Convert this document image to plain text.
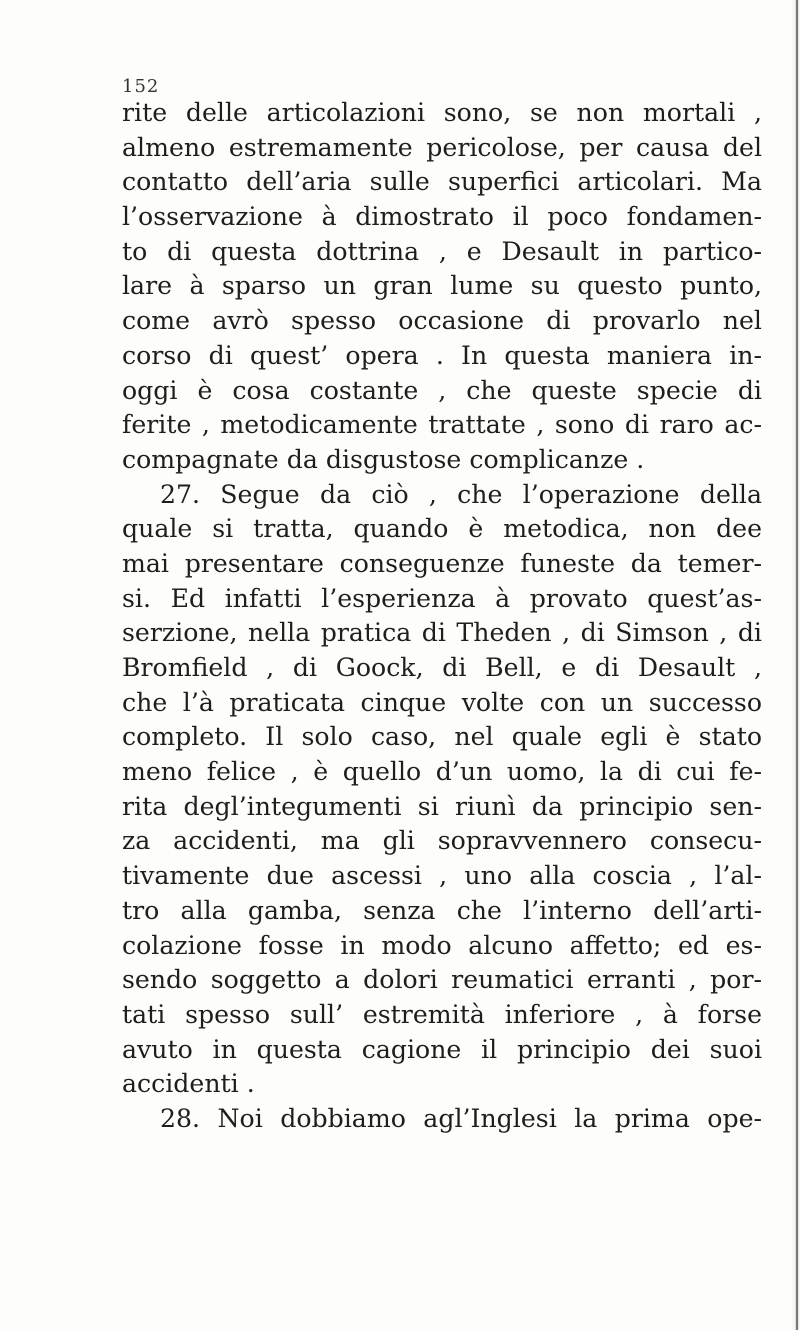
152
rite delle articolazioni sono, se non mortali ,
almeno estremamente pericolose, per causa del
contatto dell’aria sulle superfici articolari. Ma
l’osservazione à dimostrato il poco fondamen-
to di questa dottrina , e Desault in partico-
lare à sparso un gran lume su questo punto,
come avrò spesso occasione di provarlo nel
corso di quest’ opera . In questa maniera in-
oggi è cosa costante , che queste specie di
ferite , metodicamente trattate , sono di raro ac-
compagnate da disgustose complicanze .
27. Segue da ciò , che l’operazione della
quale si tratta, quando è metodica, non dee
mai presentare conseguenze funeste da temer-
si. Ed infatti l’esperienza à provato quest’as-
serzione, nella pratica di Theden , di Simson , di
Bromfield , di Goock, di Bell, e di Desault ,
che l’à praticata cinque volte con un successo
completo. Il solo caso, nel quale egli è stato
meno felice , è quello d’un uomo, la di cui fe-
rita degl’integumenti si riunì da principio sen-
za accidenti, ma gli sopravvennero consecu-
tivamente due ascessi , uno alla coscia , l’al-
tro alla gamba, senza che l’interno dell’arti-
colazione fosse in modo alcuno affetto; ed es-
sendo soggetto a dolori reumatici erranti , por-
tati spesso sull’ estremità inferiore , à forse
avuto in questa cagione il principio dei suoi
accidenti .
28. Noi dobbiamo agl’Inglesi la prima ope-
